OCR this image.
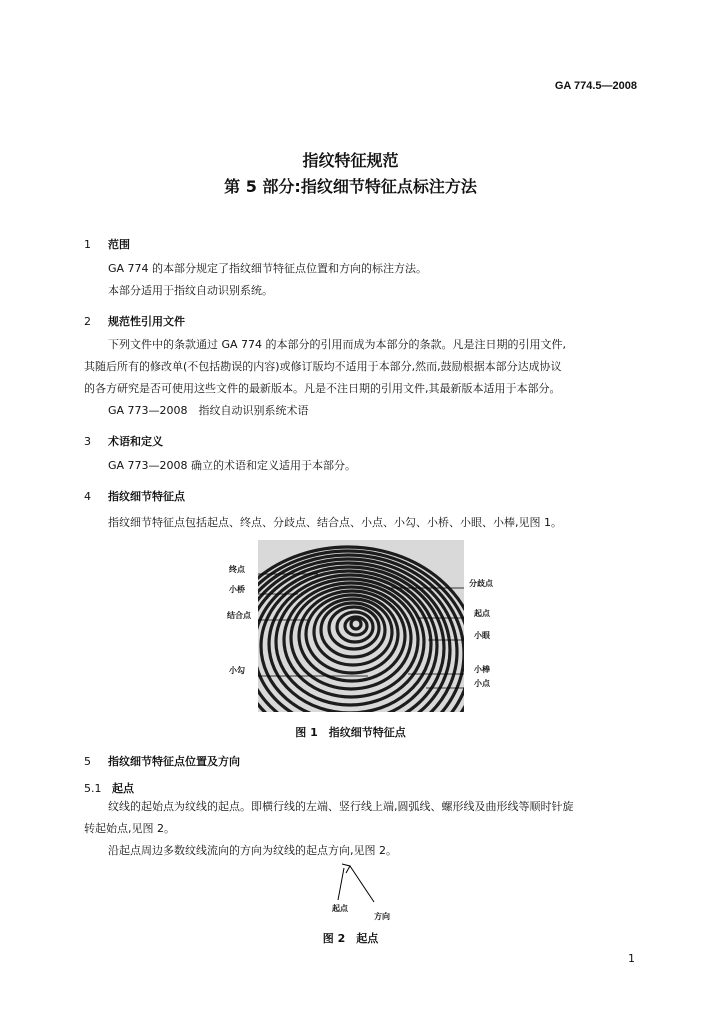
GA 774.5—2008
指纹特征规范
第 5 部分:指纹细节特征点标注方法
1 范围
GA 774 的本部分规定了指纹细节特征点位置和方向的标注方法。
本部分适用于指纹自动识别系统。
2 规范性引用文件
下列文件中的条款通过 GA 774 的本部分的引用而成为本部分的条款。凡是注日期的引用文件,
其随后所有的修改单(不包括勘误的内容)或修订版均不适用于本部分,然而,鼓励根据本部分达成协议
的各方研究是否可使用这些文件的最新版本。凡是不注日期的引用文件,其最新版本适用于本部分。
GA 773—2008　指纹自动识别系统术语
3 术语和定义
GA 773—2008 确立的术语和定义适用于本部分。
4 指纹细节特征点
指纹细节特征点包括起点、终点、分歧点、结合点、小点、小勾、小桥、小眼、小棒,见图 1。
终点
小桥
结合点
小勾
分歧点
起点
小眼
小棒
小点
图 1　指纹细节特征点
5 指纹细节特征点位置及方向
5.1 起点
纹线的起始点为纹线的起点。即横行线的左端、竖行线上端,圆弧线、螺形线及曲形线等顺时针旋
转起始点,见图 2。
沿起点周边多数纹线流向的方向为纹线的起点方向,见图 2。
起点
方向
图 2　起点
1
